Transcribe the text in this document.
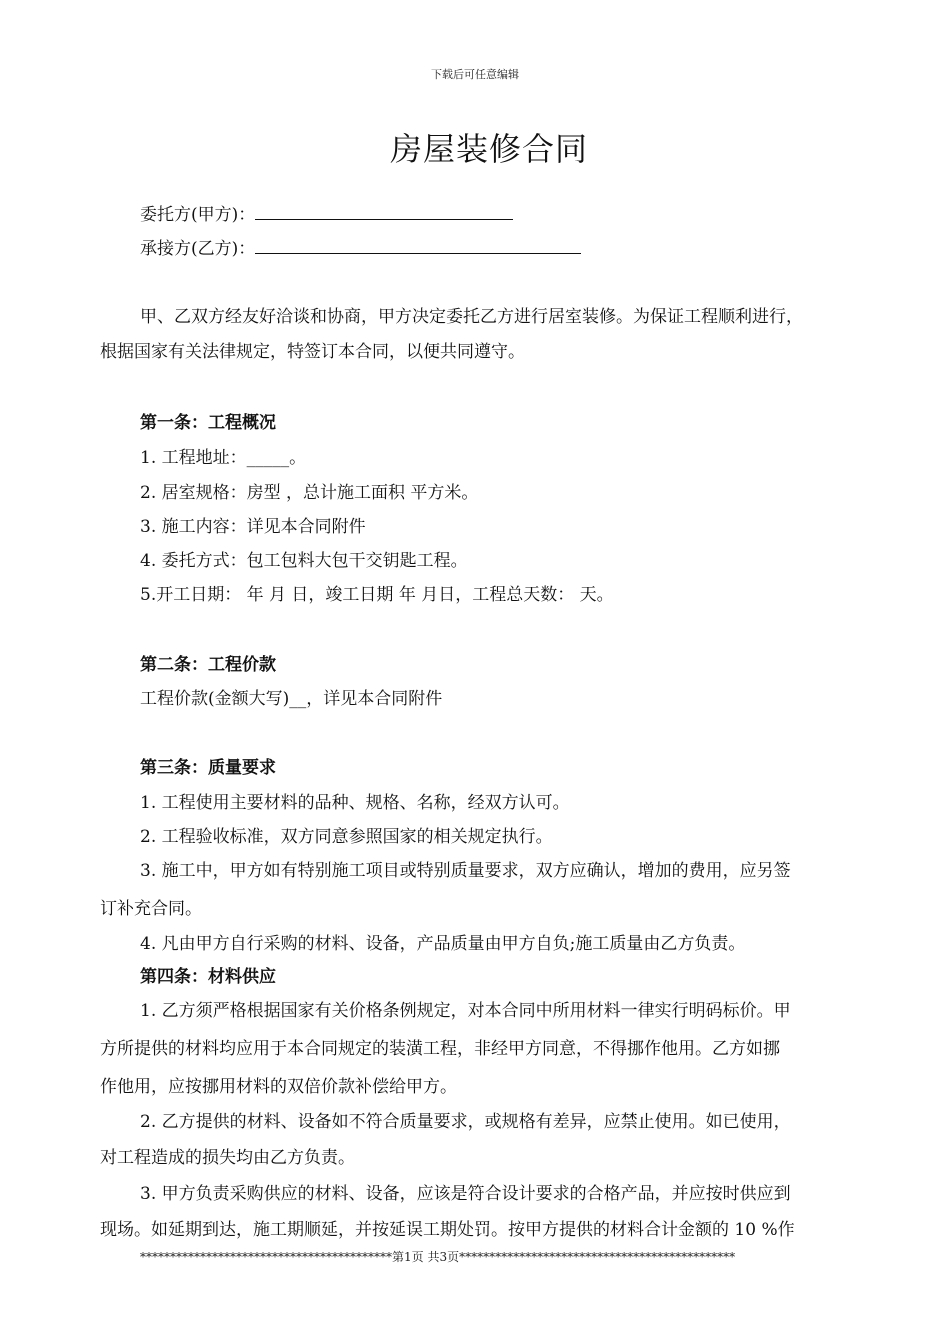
下载后可任意编辑
房屋装修合同
委托方(甲方)：
承接方(乙方)：
甲、乙双方经友好洽谈和协商，甲方决定委托乙方进行居室装修。为保证工程顺利进行，
根据国家有关法律规定，特签订本合同，以便共同遵守。
第一条：工程概况
1. 工程地址：_____。
2. 居室规格：房型 ，总计施工面积 平方米。
3. 施工内容：详见本合同附件
4. 委托方式：包工包料大包干交钥匙工程。
5.开工日期： 年 月 日，竣工日期 年 月日，工程总天数： 天。
第二条：工程价款
工程价款(金额大写)__，详见本合同附件
第三条：质量要求
1. 工程使用主要材料的品种、规格、名称，经双方认可。
2. 工程验收标准，双方同意参照国家的相关规定执行。
3. 施工中，甲方如有特别施工项目或特别质量要求，双方应确认，增加的费用，应另签
订补充合同。
4. 凡由甲方自行采购的材料、设备，产品质量由甲方自负;施工质量由乙方负责。
第四条：材料供应
1. 乙方须严格根据国家有关价格条例规定，对本合同中所用材料一律实行明码标价。甲
方所提供的材料均应用于本合同规定的装潢工程，非经甲方同意，不得挪作他用。乙方如挪
作他用，应按挪用材料的双倍价款补偿给甲方。
2. 乙方提供的材料、设备如不符合质量要求，或规格有差异，应禁止使用。如已使用，
对工程造成的损失均由乙方负责。
3. 甲方负责采购供应的材料、设备，应该是符合设计要求的合格产品，并应按时供应到
现场。如延期到达，施工期顺延，并按延误工期处罚。按甲方提供的材料合计金额的 10 %作
******************************************第1页 共3页**********************************************
